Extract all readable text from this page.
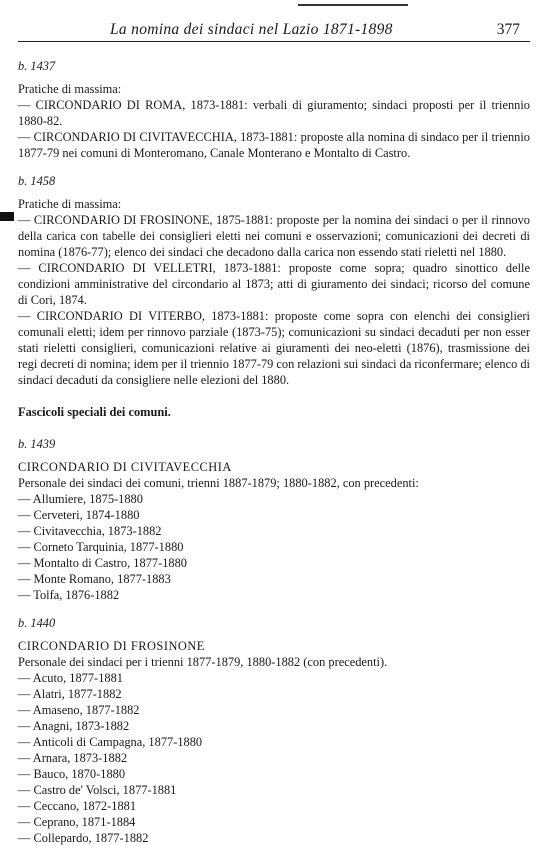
La nomina dei sindaci nel Lazio 1871-1898	377

b. 1437

Pratiche di massima:

— CIRCONDARIO DI ROMA, 1873-1881: verbali di giuramento; sindaci proposti per il triennio 1880-82.

— CIRCONDARIO DI CIVITAVECCHIA, 1873-1881: proposte alla nomina di sindaco per il triennio 1877-79 nei comuni di Monteromano, Canale Monterano e Montalto di Castro.

b. 1458

Pratiche di massima:

— CIRCONDARIO DI FROSINONE, 1875-1881: proposte per la nomina dei sindaci o per il rinnovo della carica con tabelle dei consiglieri eletti nei comuni e osservazioni; comunicazioni dei decreti di nomina (1876-77); elenco dei sindaci che decadono dalla carica non essendo stati rieletti nel 1880.

— CIRCONDARIO DI VELLETRI, 1873-1881: proposte come sopra; quadro sinottico delle condizioni amministrative del circondario al 1873; atti di giuramento dei sindaci; ricorso del comune di Cori, 1874.

— CIRCONDARIO DI VITERBO, 1873-1881: proposte come sopra con elenchi dei consiglieri comunali eletti; idem per rinnovo parziale (1873-75); comunicazioni su sindaci decaduti per non esser stati rieletti consiglieri, comunicazioni relative ai giuramenti dei neo-eletti (1876), trasmissione dei regi decreti di nomina; idem per il triennio 1877-79 con relazioni sui sindaci da riconfermare; elenco di sindaci decaduti da consigliere nelle elezioni del 1880.

Fascicoli speciali dei comuni.

b. 1439

CIRCONDARIO DI CIVITAVECCHIA

Personale dei sindaci dei comuni, trienni 1887-1879; 1880-1882, con precedenti:

— Allumiere, 1875-1880
— Cerveteri, 1874-1880
— Civitavecchia, 1873-1882
— Corneto Tarquinia, 1877-1880
— Montalto di Castro, 1877-1880
— Monte Romano, 1877-1883
— Tolfa, 1876-1882

b. 1440

CIRCONDARIO DI FROSINONE

Personale dei sindaci per i trienni 1877-1879, 1880-1882 (con precedenti).

— Acuto, 1877-1881
— Alatri, 1877-1882
— Amaseno, 1877-1882
— Anagni, 1873-1882
— Anticoli di Campagna, 1877-1880
— Arnara, 1873-1882
— Bauco, 1870-1880
— Castro de' Volsci, 1877-1881
— Ceccano, 1872-1881
— Ceprano, 1871-1884
— Collepardo, 1877-1882
